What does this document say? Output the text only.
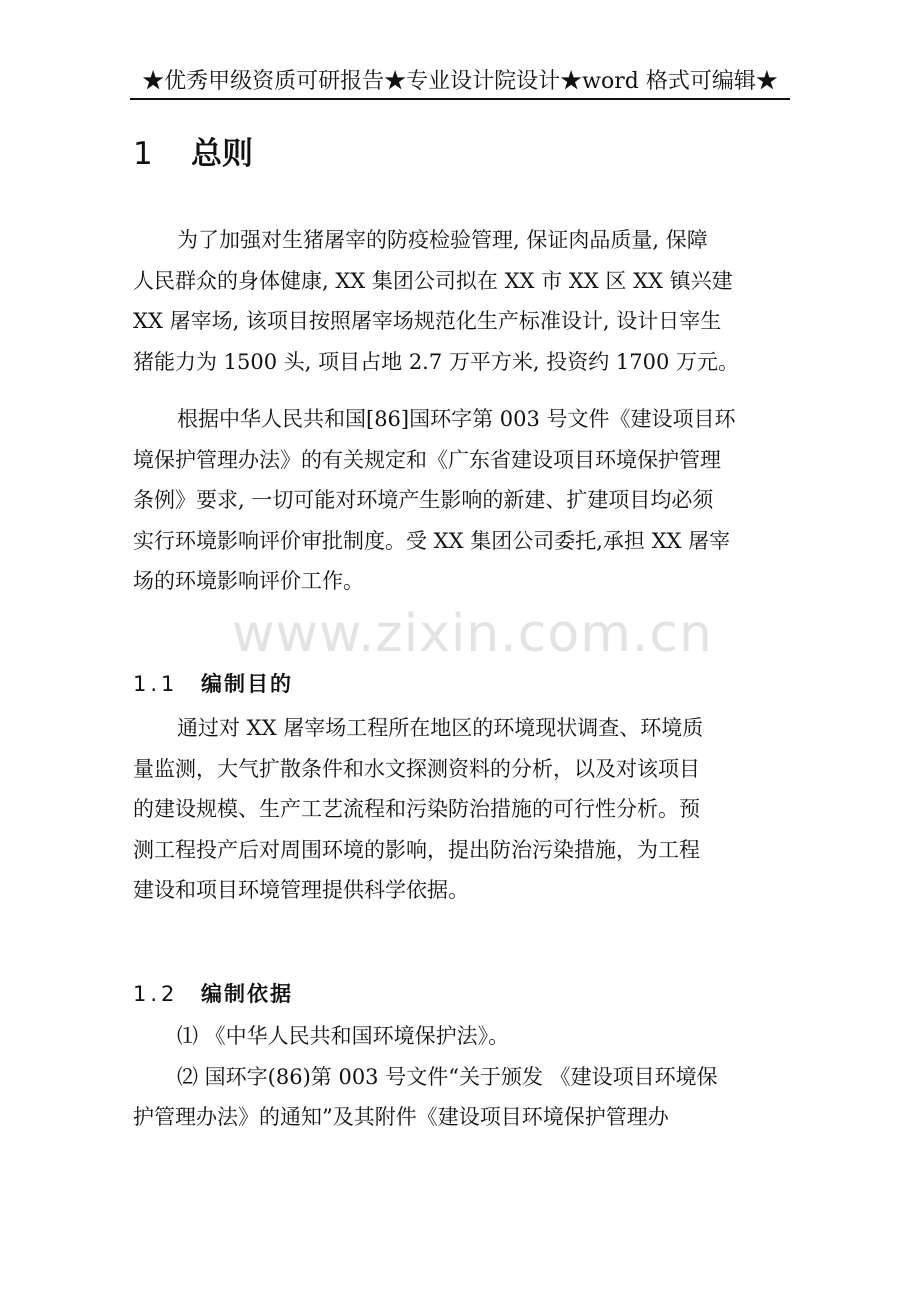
★优秀甲级资质可研报告★专业设计院设计★word 格式可编辑★
1 总则
为了加强对生猪屠宰的防疫检验管理, 保证肉品质量, 保障
人民群众的身体健康, XX 集团公司拟在 XX 市 XX 区 XX 镇兴建
XX 屠宰场, 该项目按照屠宰场规范化生产标准设计, 设计日宰生
猪能力为 1500 头, 项目占地 2.7 万平方米, 投资约 1700 万元。
根据中华人民共和国[86]国环字第 003 号文件《建设项目环
境保护管理办法》的有关规定和《广东省建设项目环境保护管理
条例》要求, 一切可能对环境产生影响的新建、扩建项目均必须
实行环境影响评价审批制度。受 XX 集团公司委托,承担 XX 屠宰
场的环境影响评价工作。
www.zixin.com.cn
1.1 编制目的
通过对 XX 屠宰场工程所在地区的环境现状调查、环境质
量监测，大气扩散条件和水文探测资料的分析，以及对该项目
的建设规模、生产工艺流程和污染防治措施的可行性分析。预
测工程投产后对周围环境的影响，提出防治污染措施，为工程
建设和项目环境管理提供科学依据。
1.2 编制依据
⑴ 《中华人民共和国环境保护法》。
⑵ 国环字(86)第 003 号文件“关于颁发 《建设项目环境保
护管理办法》的通知”及其附件《建设项目环境保护管理办
